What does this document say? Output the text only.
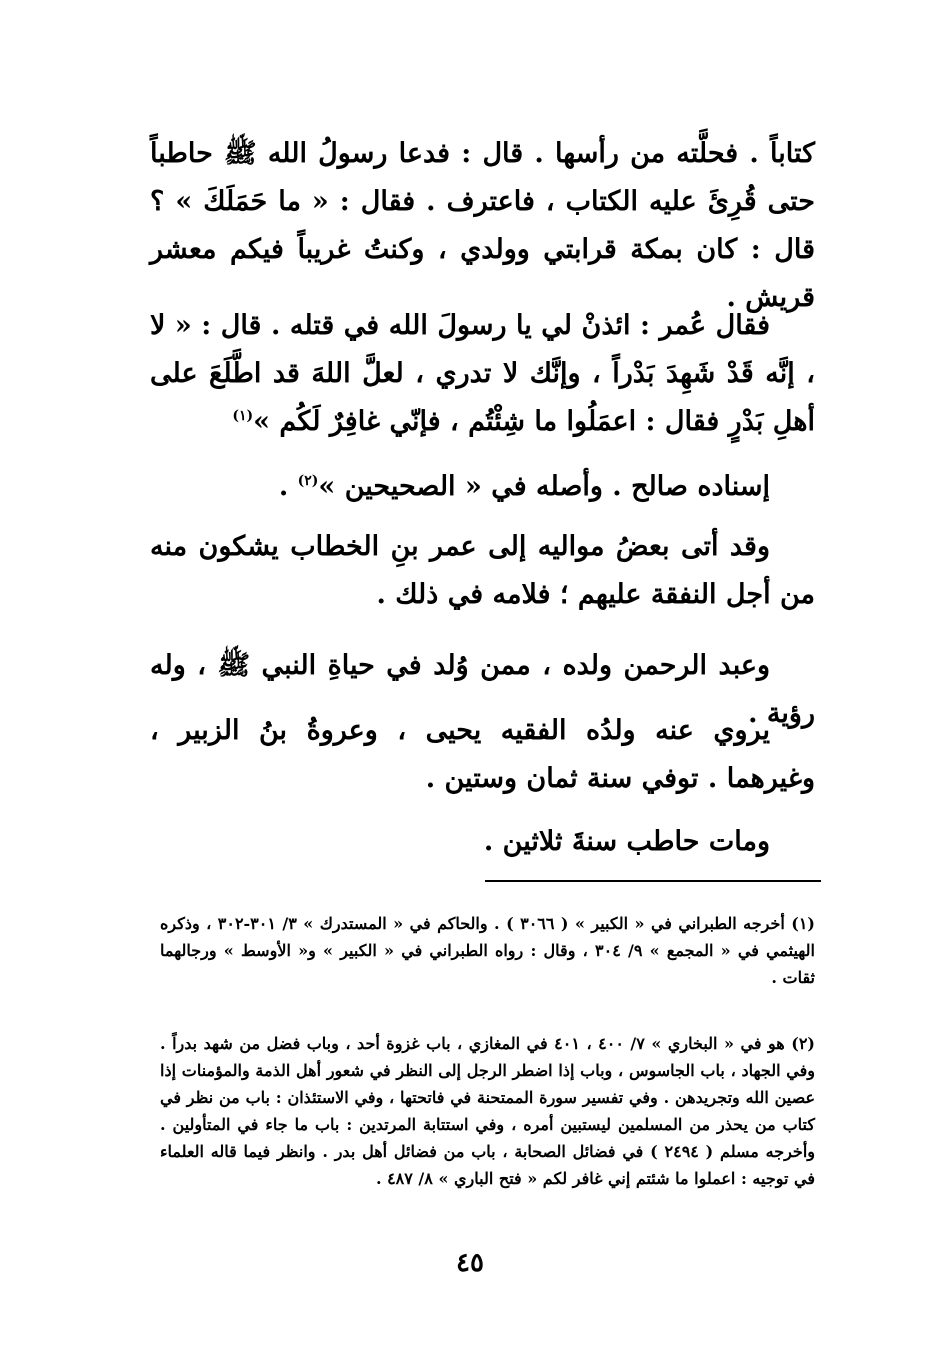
كتاباً . فحلَّته من رأسها . قال : فدعا رسولُ الله ﷺ حاطباً حتى قُرِئَ عليه الكتاب ، فاعترف . فقال : « ما حَمَلَكَ » ؟ قال : كان بمكة قرابتي وولدي ، وكنتُ غريباً فيكم معشر قريش .
فقال عُمر : ائذنْ لي يا رسولَ الله في قتله . قال : « لا ، إنَّه قَدْ شَهِدَ بَدْراً ، وإنَّك لا تدري ، لعلَّ اللهَ قد اطَّلَعَ على أهلِ بَدْرٍ فقال : اعمَلُوا ما شِئْتُم ، فإنّي غافِرٌ لَكُم »$^{(١)}$
إسناده صالح . وأصله في « الصحيحين »$^{(٢)}$ .
وقد أتى بعضُ مواليه إلى عمر بنِ الخطاب يشكون منه من أجل النفقة عليهم ؛ فلامه في ذلك .
وعبد الرحمن ولده ، ممن وُلد في حياةِ النبي ﷺ ، وله رؤية .
يروي عنه ولدُه الفقيه يحيى ، وعروةُ بنُ الزبير ، وغيرهما . توفي سنة ثمان وستين .
ومات حاطب سنةَ ثلاثين .
(١) أخرجه الطبراني في « الكبير » ( ٣٠٦٦ ) . والحاكم في « المستدرك » ٣/ ٣٠١-٣٠٢ ، وذكره الهيثمي في « المجمع » ٩/ ٣٠٤ ، وقال : رواه الطبراني في « الكبير » و« الأوسط » ورجالهما ثقات .
(٢) هو في « البخاري » ٧/ ٤٠٠ ، ٤٠١ في المغازي ، باب غزوة أحد ، وباب فضل من شهد بدراً . وفي الجهاد ، باب الجاسوس ، وباب إذا اضطر الرجل إلى النظر في شعور أهل الذمة والمؤمنات إذا عصين الله وتجريدهن . وفي تفسير سورة الممتحنة في فاتحتها ، وفي الاستئذان : باب من نظر في كتاب من يحذر من المسلمين ليستبين أمره ، وفي استتابة المرتدين : باب ما جاء في المتأولين . وأخرجه مسلم ( ٢٤٩٤ ) في فضائل الصحابة ، باب من فضائل أهل بدر . وانظر فيما قاله العلماء في توجيه : اعملوا ما شئتم إني غافر لكم « فتح الباري » ٨/ ٤٨٧ .
٤٥
